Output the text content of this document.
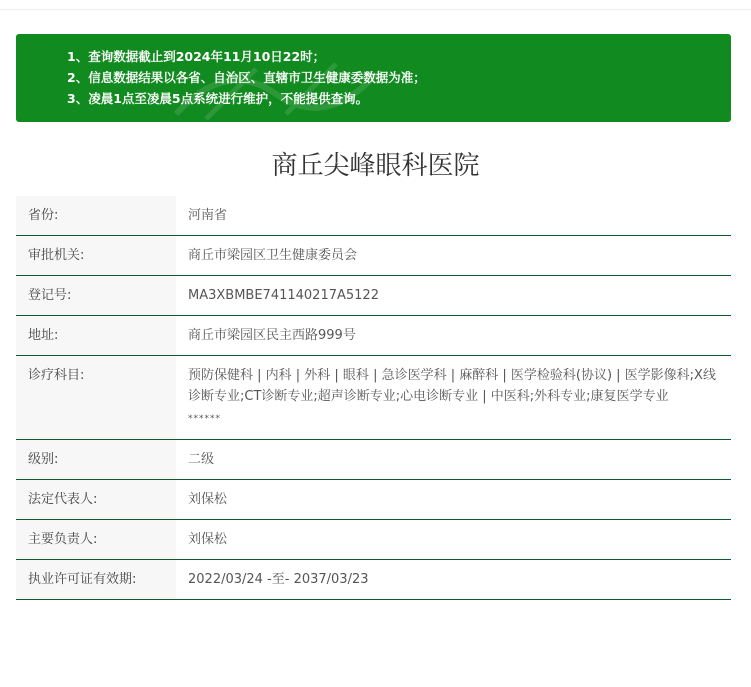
1、查询数据截止到2024年11月10日22时；
2、信息数据结果以各省、自治区、直辖市卫生健康委数据为准；
3、凌晨1点至凌晨5点系统进行维护，不能提供查询。
商丘尖峰眼科医院
省份:	河南省
审批机关:	商丘市梁园区卫生健康委员会
登记号:	MA3XBMBE741140217A5122
地址:	商丘市梁园区民主西路999号
诊疗科目:	预防保健科 | 内科 | 外科 | 眼科 | 急诊医学科 | 麻醉科 | 医学检验科(协议) | 医学影像科;X线诊断专业;CT诊断专业;超声诊断专业;心电诊断专业 | 中医科;外科专业;康复医学专业
******
级别:	二级
法定代表人:	刘保松
主要负责人:	刘保松
执业许可证有效期:	2022/03/24 -至- 2037/03/23
